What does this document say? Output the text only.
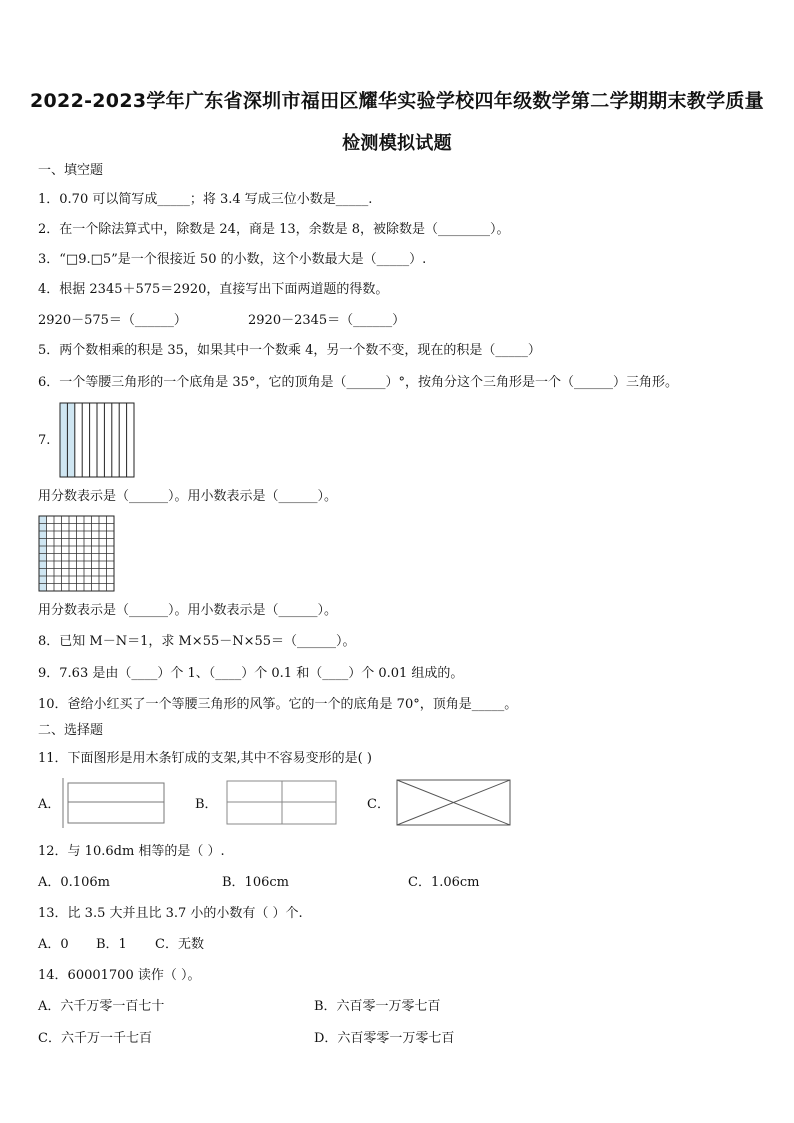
2022-2023学年广东省深圳市福田区耀华实验学校四年级数学第二学期期末教学质量
检测模拟试题
一、填空题
1．0.70 可以简写成_____；将 3.4 写成三位小数是_____.
2．在一个除法算式中，除数是 24，商是 13，余数是 8，被除数是（________）。
3．“□9.□5”是一个很接近 50 的小数，这个小数最大是（_____）.
4．根据 2345＋575＝2920，直接写出下面两道题的得数。
2920－575＝（______）	2920－2345＝（______）
5．两个数相乘的积是 35，如果其中一个数乘 4，另一个数不变，现在的积是（_____）
6．一个等腰三角形的一个底角是 35°，它的顶角是（______）°，按角分这个三角形是一个（______）三角形。
7.
用分数表示是（______）。用小数表示是（______）。
用分数表示是（______）。用小数表示是（______）。
8．已知 M－N＝1，求 M×55－N×55＝（______）。
9．7.63 是由（____）个 1、（____）个 0.1 和（____）个 0.01 组成的。
10．爸给小红买了一个等腰三角形的风筝。它的一个的底角是 70°，顶角是_____。
二、选择题
11．下面图形是用木条钉成的支架,其中不容易变形的是( )
A．	B．	C．
12．与 10.6dm 相等的是（ ）.
A．0.106m	B．106cm	C．1.06cm
13．比 3.5 大并且比 3.7 小的小数有（ ）个.
A．0 B．1 C．无数
14．60001700 读作（ ）。
A．六千万零一百七十	B．六百零一万零七百
C．六千万一千七百	D．六百零零一万零七百
